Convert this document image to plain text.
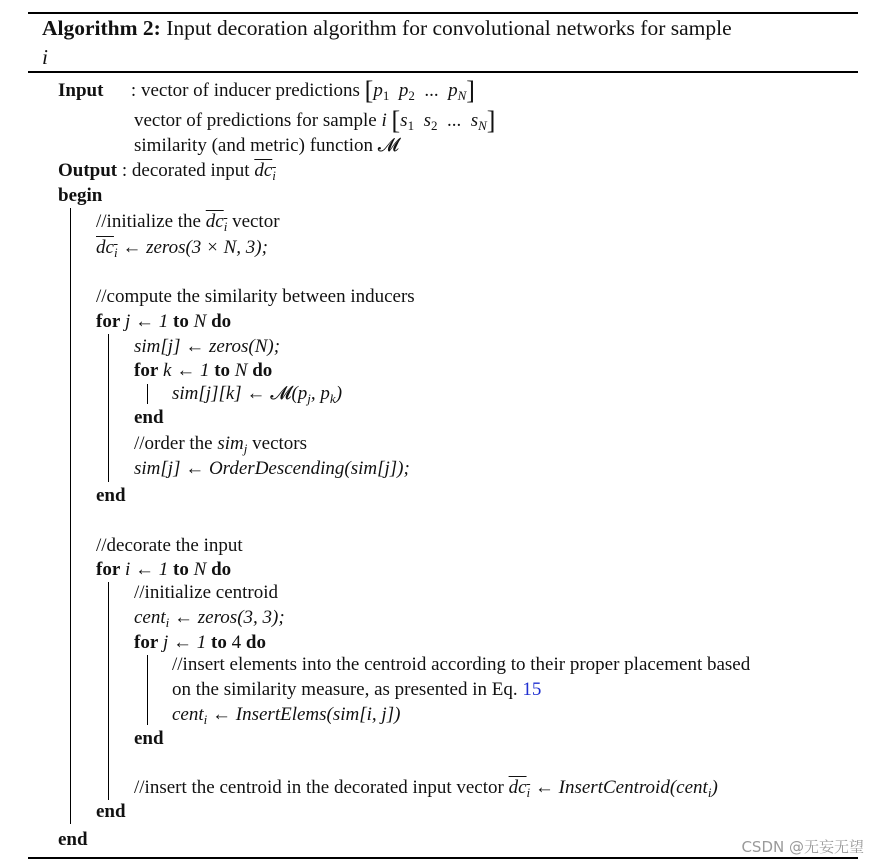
Algorithm 2: Input decoration algorithm for convolutional networks for sample
i
Input : vector of inducer predictions [$p_1$ $p_2$ ... $p_N$]
vector of predictions for sample i [$s_1$ $s_2$ ... $s_N$]
similarity (and metric) function 𝓜
Output : decorated input $dc_i$
begin
//initialize the $dc_i$ vector
$dc_i$ ← zeros(3 × N, 3);
//compute the similarity between inducers
for j ← 1 to N do
sim[j] ← zeros(N);
for k ← 1 to N do
sim[j][k] ← $𝓜(p_j$, $p_k$)
end
//order the sim$_j$ vectors
sim[j] ← OrderDescending(sim[j]);
end
//decorate the input
for i ← 1 to N do
//initialize centroid
cent$_i$ ← zeros(3, 3);
for j ← 1 to 4 do
//insert elements into the centroid according to their proper placement based
on the similarity measure, as presented in Eq. 15
cent$_i$ ← InsertElems(sim[i, j])
end
//insert the centroid in the decorated input vector $dc_i$ ← InsertCentroid(cent$_i$)
end
end	CSDN @无妄无望
